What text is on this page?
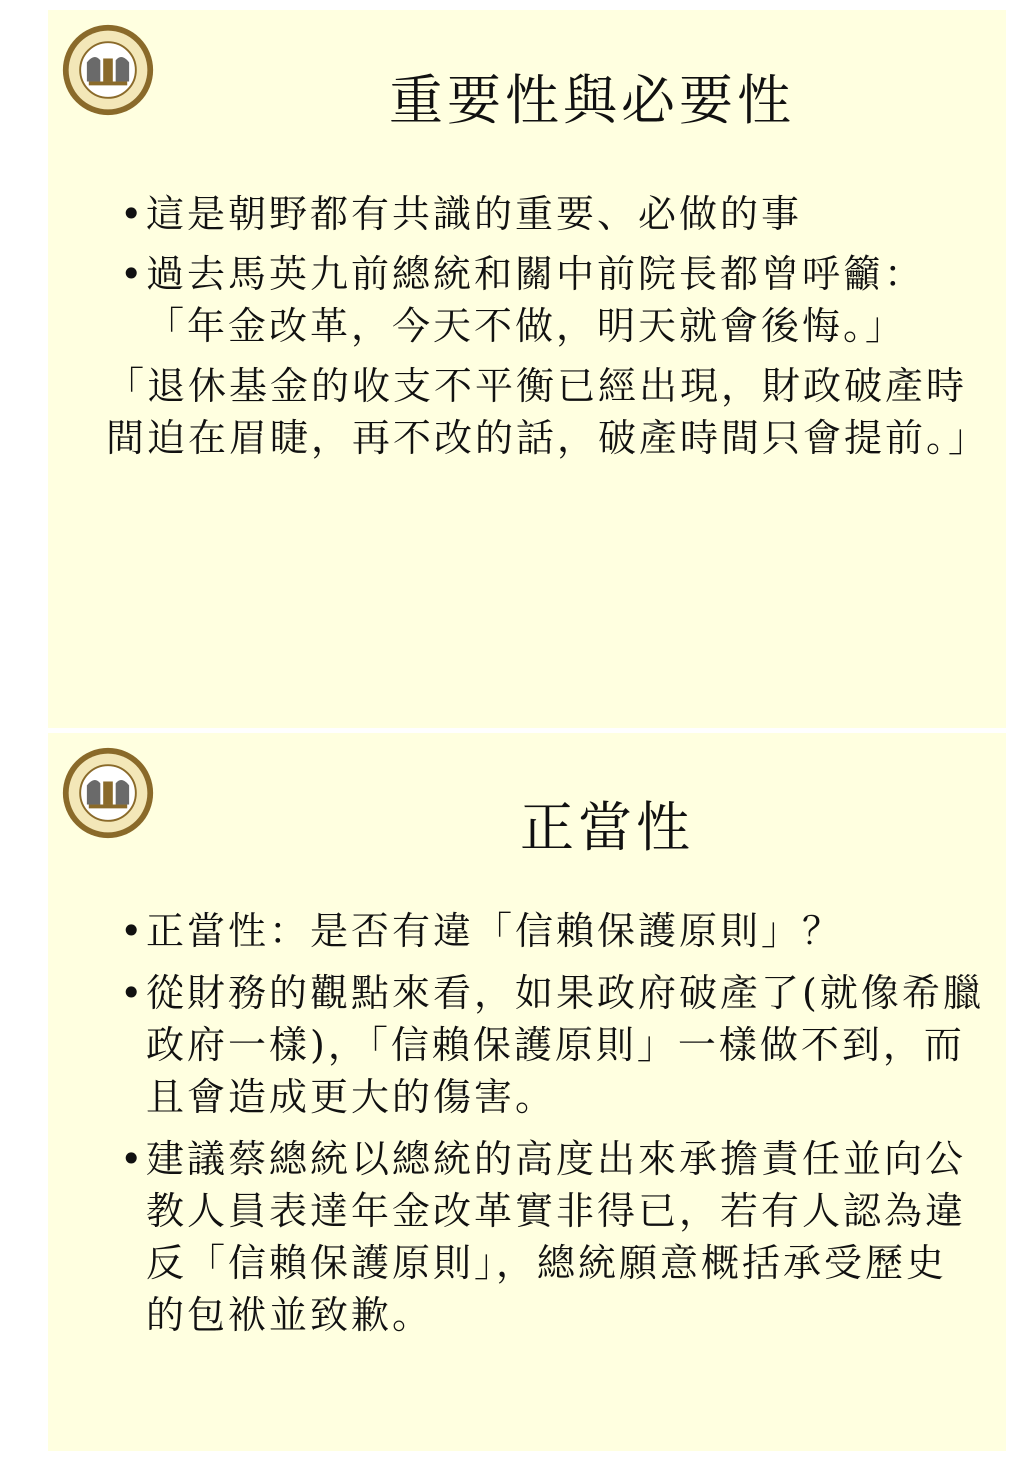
重要性與必要性

• 這是朝野都有共識的重要、必做的事

• 過去馬英九前總統和關中前院長都曾呼籲：「年金改革，今天不做，明天就會後悔。」

「退休基金的收支不平衡已經出現，財政破產時間迫在眉睫，再不改的話，破產時間只會提前。」

正當性

• 正當性：是否有違「信賴保護原則」？

• 從財務的觀點來看，如果政府破產了(就像希臘政府一樣)，「信賴保護原則」一樣做不到，而且會造成更大的傷害。

• 建議蔡總統以總統的高度出來承擔責任並向公教人員表達年金改革實非得已，若有人認為違反「信賴保護原則」，總統願意概括承受歷史的包袱並致歉。
